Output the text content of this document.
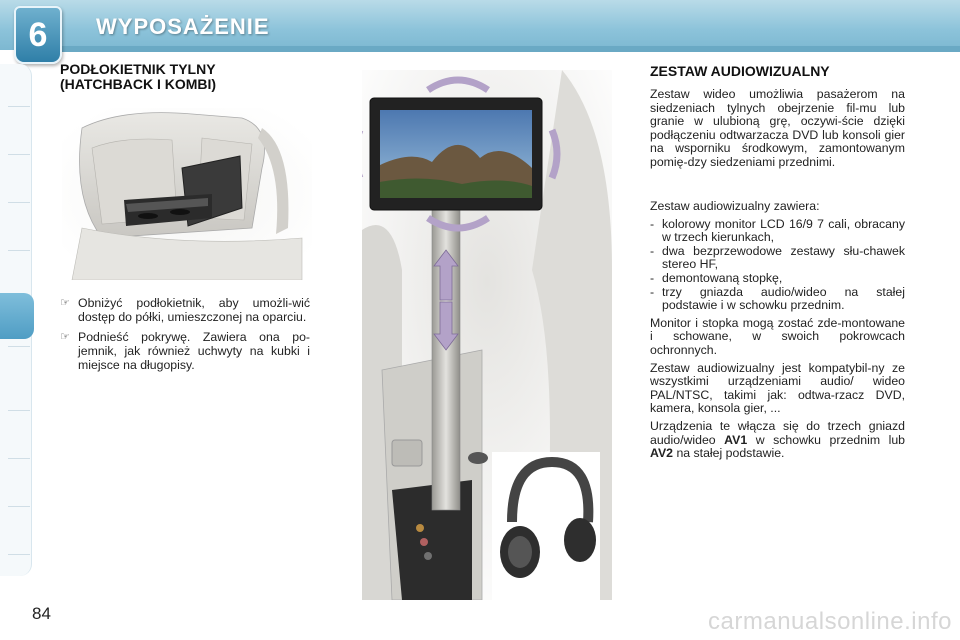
6	WYPOSAŻENIE
PODŁOKIETNIK TYLNY
(HATCHBACK I KOMBI)
☞ Obniżyć podłokietnik, aby umożli-wić dostęp do półki, umieszczonej na oparciu.
☞ Podnieść pokrywę. Zawiera ona po-jemnik, jak również uchwyty na kubki i miejsce na długopisy.
ZESTAW AUDIOWIZUALNY

Zestaw wideo umożliwia pasażerom na siedzeniach tylnych obejrzenie fil-mu lub granie w ulubioną grę, oczywi-ście dzięki podłączeniu odtwarzacza DVD lub konsoli gier na wsporniku środkowym, zamontowanym pomię-dzy siedzeniami przednimi.

Zestaw audiowizualny zawiera:

- kolorowy monitor LCD 16/9 7 cali, obracany w trzech kierunkach,
- dwa bezprzewodowe zestawy słu-chawek stereo HF,
- demontowaną stopkę,
- trzy gniazda audio/wideo na stałej podstawie i w schowku przednim.

Monitor i stopka mogą zostać zde-montowane i schowane, w swoich pokrowcach ochronnych.

Zestaw audiowizualny jest kompatybil-ny ze wszystkimi urządzeniami audio/ wideo PAL/NTSC, takimi jak: odtwa-rzacz DVD, kamera, konsola gier, ...

Urządzenia te włącza się do trzech gniazd audio/wideo AV1 w schowku przednim lub AV2 na stałej podstawie.

84	carmanualsonline.info
